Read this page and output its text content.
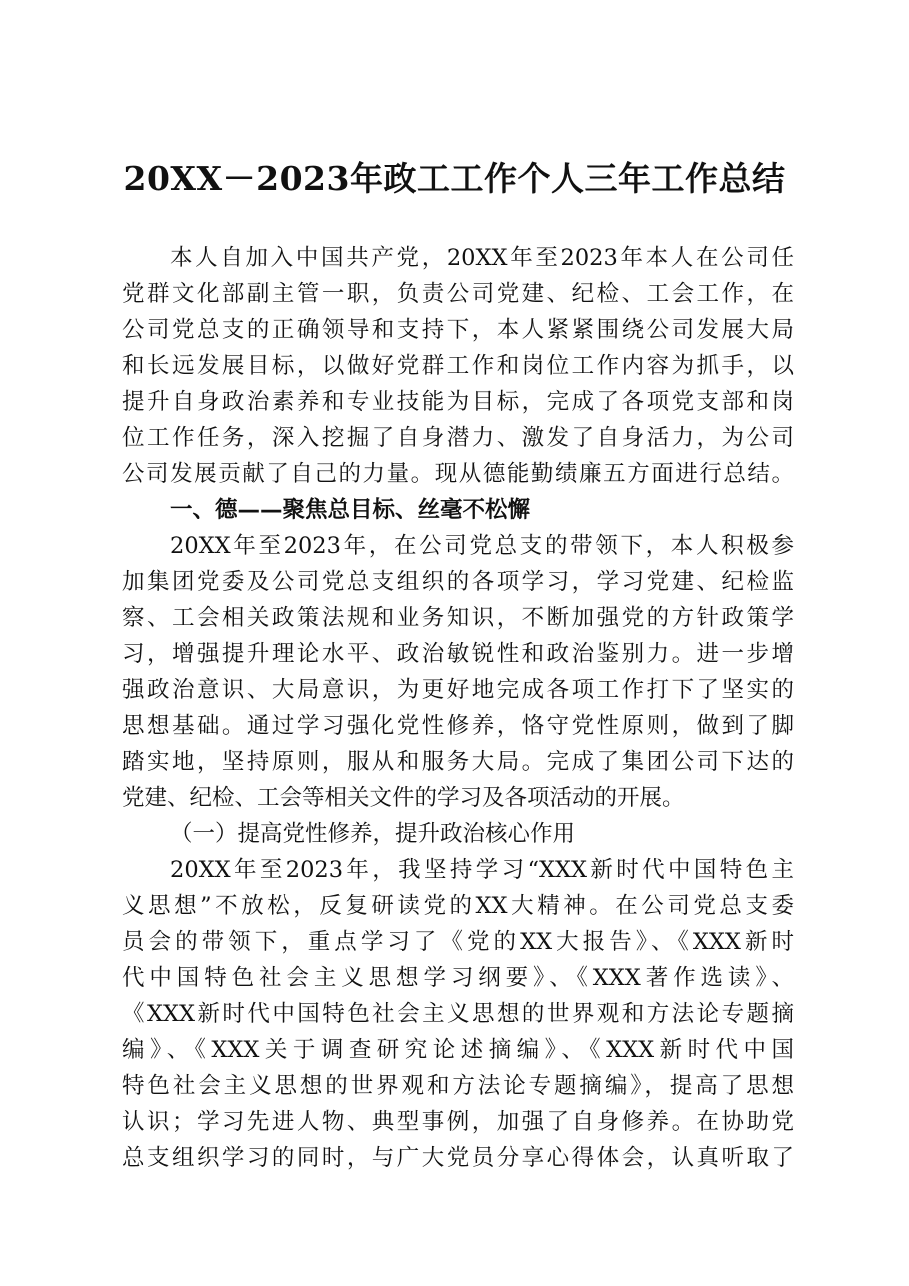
20XX－2023年政工工作个人三年工作总结
本人自加入中国共产党，20XX年至2023年本人在公司任
党群文化部副主管一职，负责公司党建、纪检、工会工作，在
公司党总支的正确领导和支持下，本人紧紧围绕公司发展大局
和长远发展目标，以做好党群工作和岗位工作内容为抓手，以
提升自身政治素养和专业技能为目标，完成了各项党支部和岗
位工作任务，深入挖掘了自身潜力、激发了自身活力，为公司
公司发展贡献了自己的力量。现从德能勤绩廉五方面进行总结。
一、德——聚焦总目标、丝毫不松懈
20XX年至2023年，在公司党总支的带领下，本人积极参
加集团党委及公司党总支组织的各项学习，学习党建、纪检监
察、工会相关政策法规和业务知识，不断加强党的方针政策学
习，增强提升理论水平、政治敏锐性和政治鉴别力。进一步增
强政治意识、大局意识，为更好地完成各项工作打下了坚实的
思想基础。通过学习强化党性修养，恪守党性原则，做到了脚
踏实地，坚持原则，服从和服务大局。完成了集团公司下达的
党建、纪检、工会等相关文件的学习及各项活动的开展。
（一）提高党性修养，提升政治核心作用
20XX年至2023年，我坚持学习“XXX新时代中国特色主
义思想”不放松，反复研读党的XX大精神。在公司党总支委
员会的带领下，重点学习了《党的XX大报告》、《XXX新时
代中国特色社会主义思想学习纲要》、《XXX著作选读》、
《XXX新时代中国特色社会主义思想的世界观和方法论专题摘
编》、《XXX关于调查研究论述摘编》、《XXX新时代中国
特色社会主义思想的世界观和方法论专题摘编》，提高了思想
认识；学习先进人物、典型事例，加强了自身修养。在协助党
总支组织学习的同时，与广大党员分享心得体会，认真听取了
